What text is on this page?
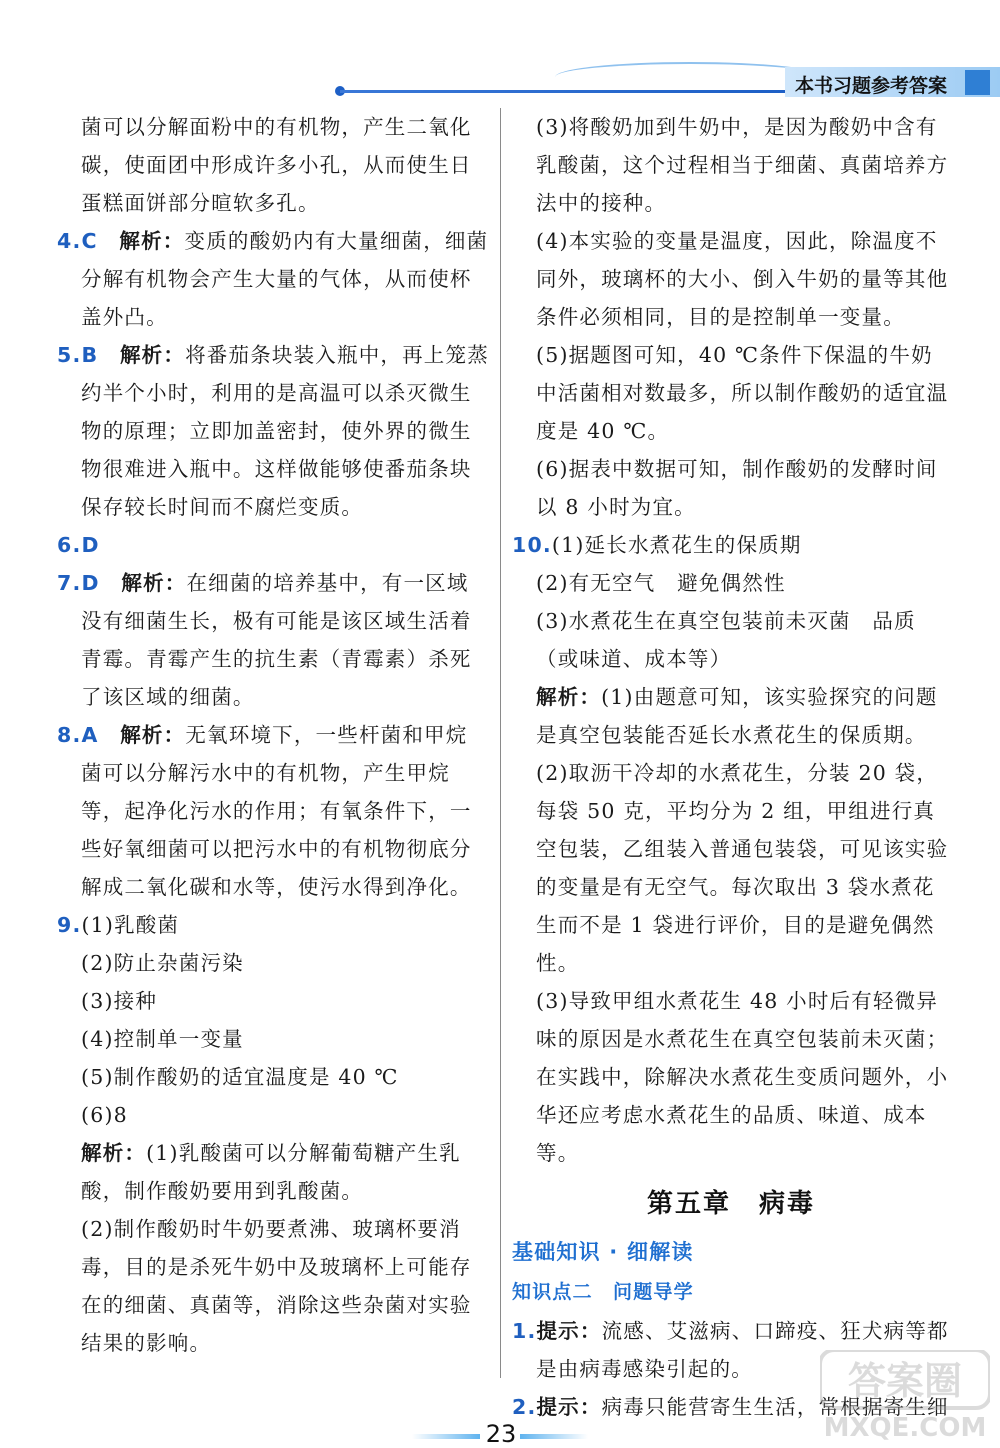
本书习题参考答案

菌可以分解面粉中的有机物，产生二氧化碳，使面团中形成许多小孔，从而使生日蛋糕面饼部分暄软多孔。

4.C　 解析：变质的酸奶内有大量细菌，细菌分解有机物会产生大量的气体，从而使杯盖外凸。

5.B　 解析：将番茄条块装入瓶中，再上笼蒸约半个小时，利用的是高温可以杀灭微生物的原理；立即加盖密封，使外界的微生物很难进入瓶中。这样做能够使番茄条块保存较长时间而不腐烂变质。

6.D

7.D　 解析：在细菌的培养基中，有一区域没有细菌生长，极有可能是该区域生活着青霉。青霉产生的抗生素（青霉素）杀死了该区域的细菌。

8.A　 解析：无氧环境下，一些杆菌和甲烷菌可以分解污水中的有机物，产生甲烷等，起净化污水的作用；有氧条件下，一些好氧细菌可以把污水中的有机物彻底分解成二氧化碳和水等，使污水得到净化。

9.(1)乳酸菌

(2)防止杂菌污染

(3)接种

(4)控制单一变量

(5)制作酸奶的适宜温度是 40 ℃

(6)8

解析：(1)乳酸菌可以分解葡萄糖产生乳酸，制作酸奶要用到乳酸菌。

(2)制作酸奶时牛奶要煮沸、玻璃杯要消毒，目的是杀死牛奶中及玻璃杯上可能存在的细菌、真菌等，消除这些杂菌对实验结果的影响。

(3)将酸奶加到牛奶中，是因为酸奶中含有乳酸菌，这个过程相当于细菌、真菌培养方法中的接种。

(4)本实验的变量是温度，因此，除温度不同外，玻璃杯的大小、倒入牛奶的量等其他条件必须相同，目的是控制单一变量。

(5)据题图可知，40 ℃条件下保温的牛奶中活菌相对数最多，所以制作酸奶的适宜温度是 40 ℃。

(6)据表中数据可知，制作酸奶的发酵时间以 8 小时为宜。

10.(1)延长水煮花生的保质期

(2)有无空气　避免偶然性

(3)水煮花生在真空包装前未灭菌　品质（或味道、成本等）

解析：(1)由题意可知，该实验探究的问题是真空包装能否延长水煮花生的保质期。

(2)取沥干冷却的水煮花生，分装 20 袋，每袋 50 克，平均分为 2 组，甲组进行真空包装，乙组装入普通包装袋，可见该实验的变量是有无空气。每次取出 3 袋水煮花生而不是 1 袋进行评价，目的是避免偶然性。

(3)导致甲组水煮花生 48 小时后有轻微异味的原因是水煮花生在真空包装前未灭菌；在实践中，除解决水煮花生变质问题外，小华还应考虑水煮花生的品质、味道、成本等。

第五章　病毒
基础知识 · 细解读
知识点二　问题导学

1.提示：流感、艾滋病、口蹄疫、狂犬病等都是由病毒感染引起的。

2.提示：病毒只能营寄生生活，常根据寄生细

23
答案圈
MXQE.COM
